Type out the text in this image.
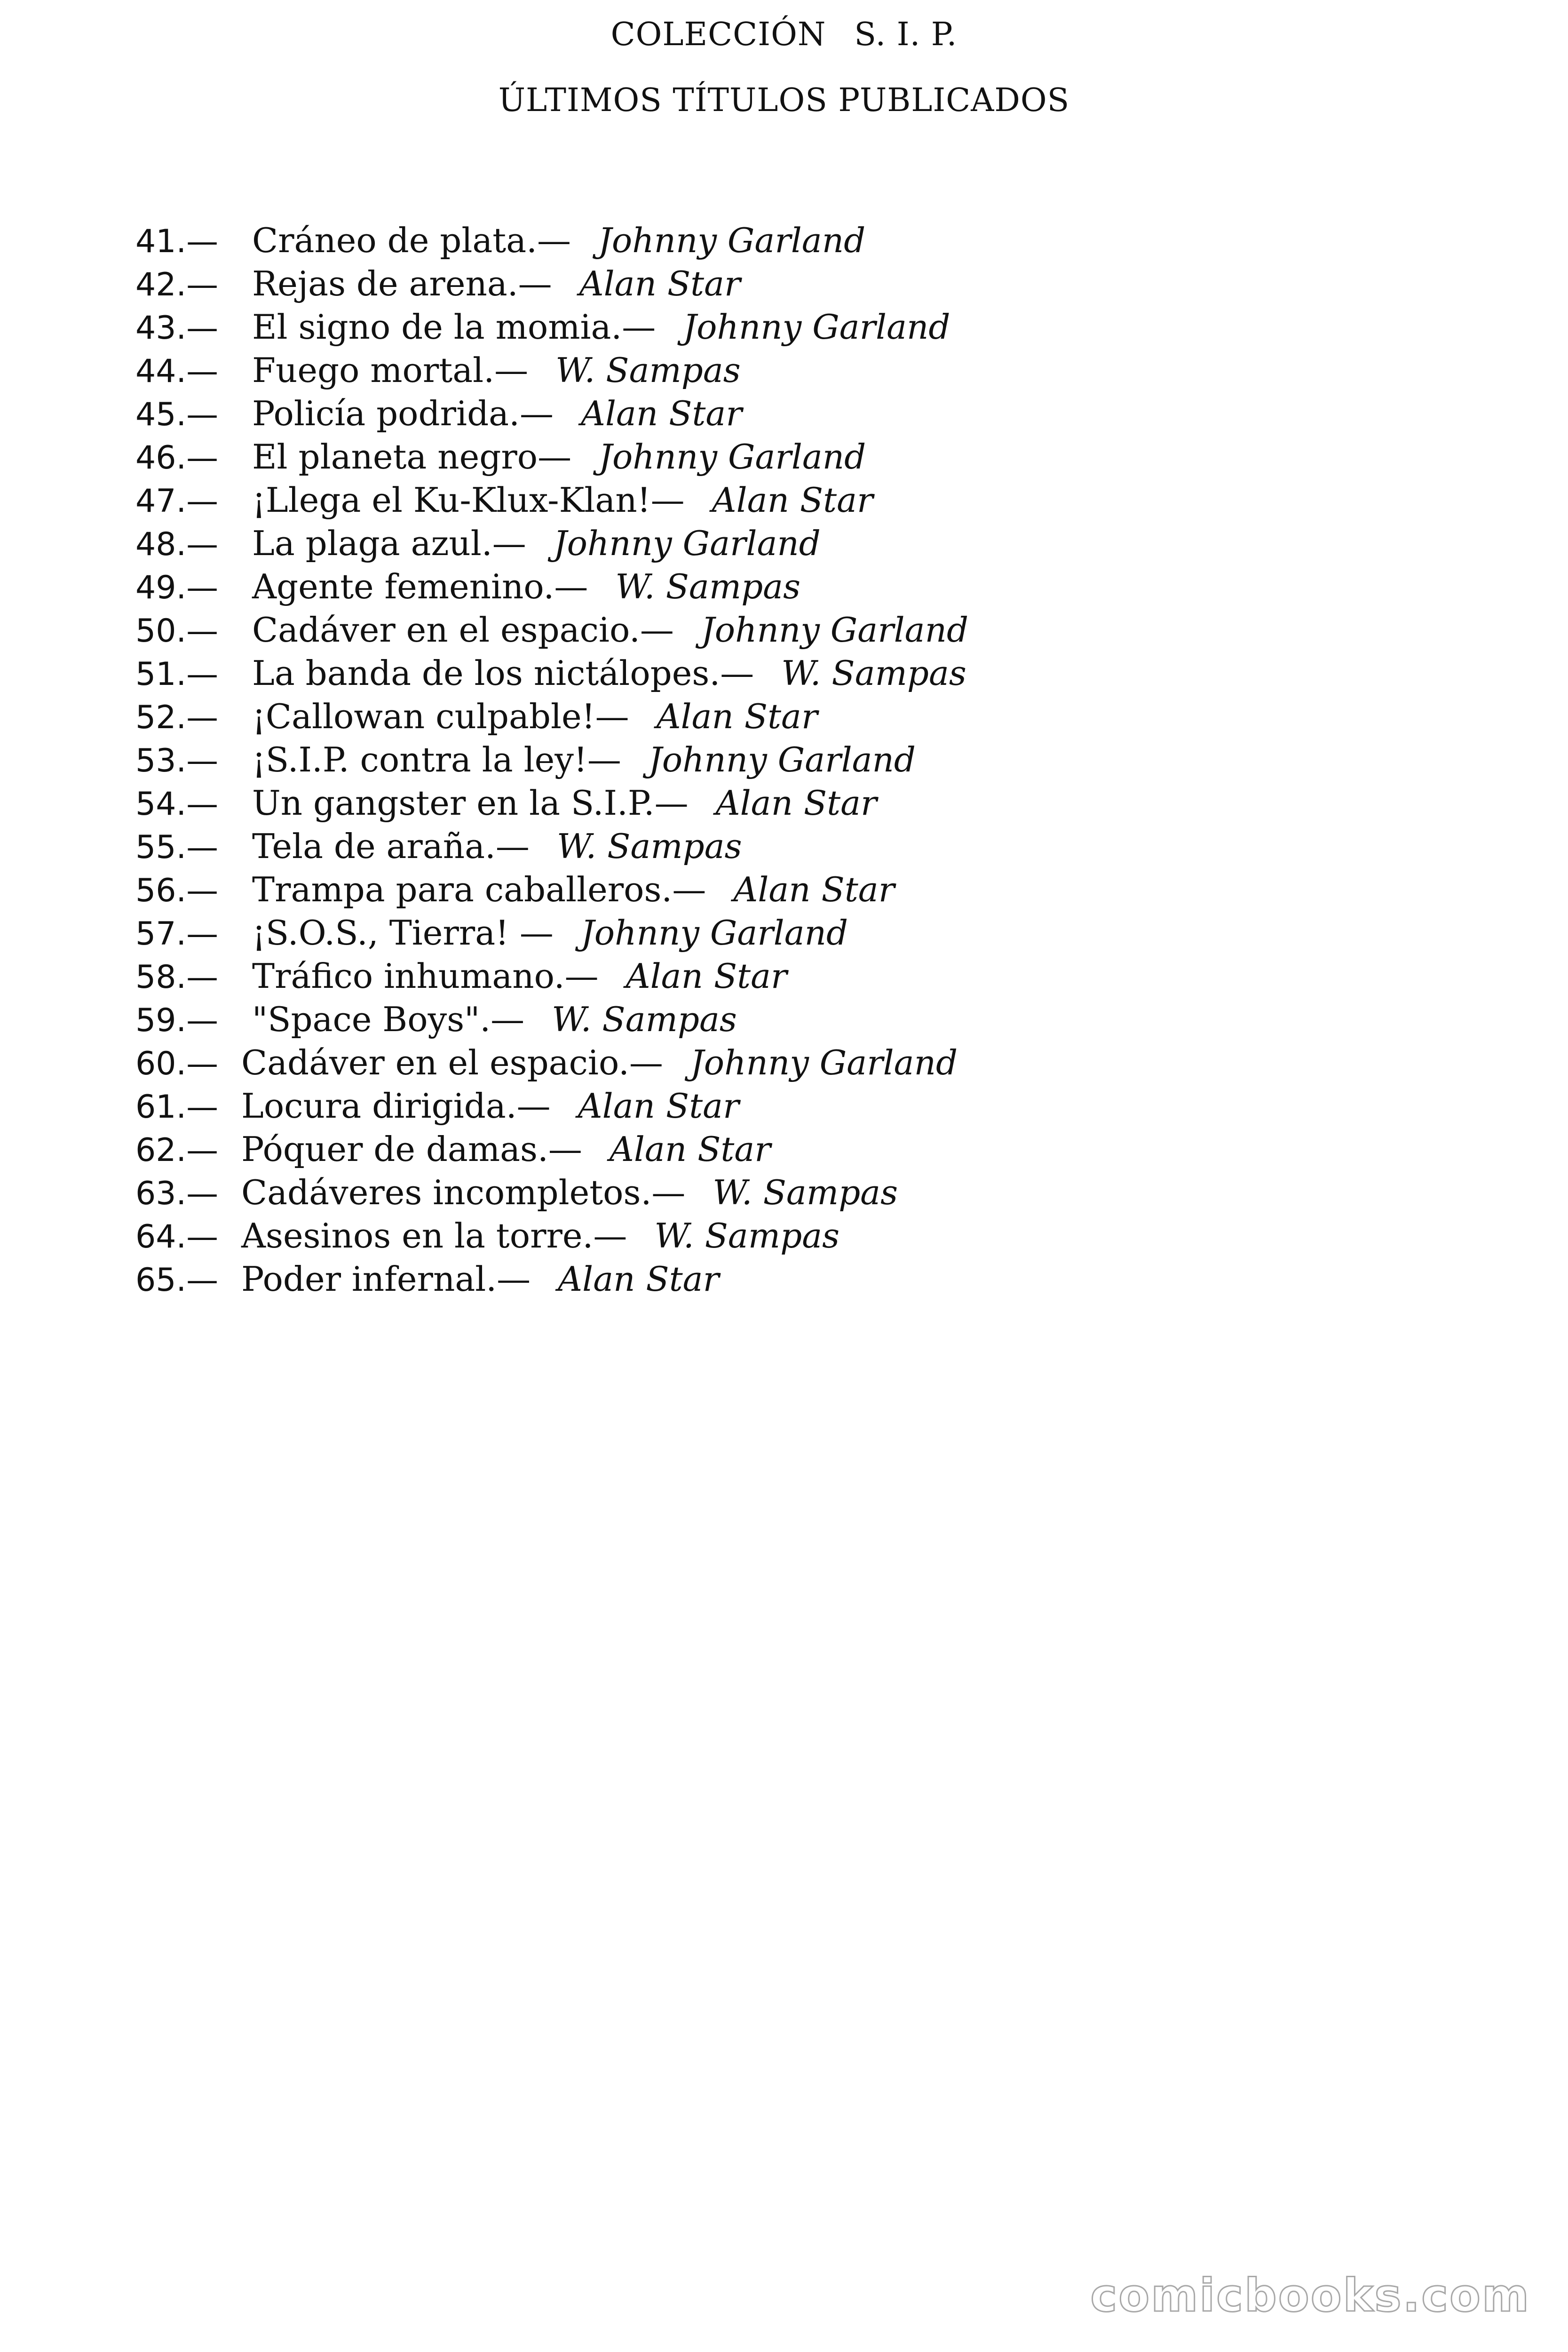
COLECCIÓN S. I. P.
ÚLTIMOS TÍTULOS PUBLICADOS
41.— Cráneo de plata.— Johnny Garland
42.— Rejas de arena.— Alan Star
43.— El signo de la momia.— Johnny Garland
44.— Fuego mortal.— W. Sampas
45.— Policía podrida.— Alan Star
46.— El planeta negro— Johnny Garland
47.— ¡Llega el Ku-Klux-Klan!— Alan Star
48.— La plaga azul.— Johnny Garland
49.— Agente femenino.— W. Sampas
50.— Cadáver en el espacio.— Johnny Garland
51.— La banda de los nictálopes.— W. Sampas
52.— ¡Callowan culpable!— Alan Star
53.— ¡S.I.P. contra la ley!— Johnny Garland
54.— Un gangster en la S.I.P.— Alan Star
55.— Tela de araña.— W. Sampas
56.— Trampa para caballeros.— Alan Star
57.— ¡S.O.S., Tierra! — Johnny Garland
58.— Tráfico inhumano.— Alan Star
59.— "Space Boys".— W. Sampas
60.— Cadáver en el espacio.— Johnny Garland
61.— Locura dirigida.— Alan Star
62.— Póquer de damas.— Alan Star
63.— Cadáveres incompletos.— W. Sampas
64.— Asesinos en la torre.— W. Sampas
65.— Poder infernal.— Alan Star
comicbooks.com
